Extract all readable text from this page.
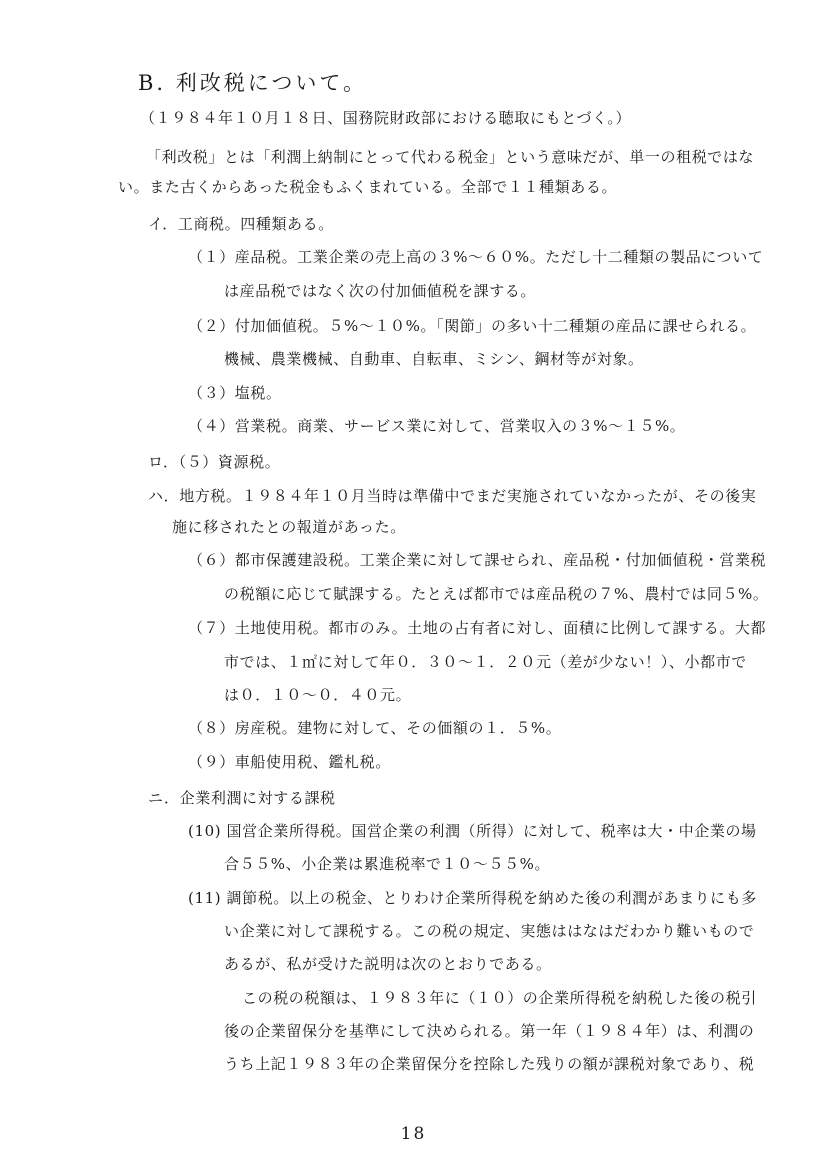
B. 利改税について。
（１９８４年１０月１８日、国務院財政部における聴取にもとづく。）
「利改税」とは「利潤上納制にとって代わる税金」という意味だが、単一の租税ではな
い。また古くからあった税金もふくまれている。全部で１１種類ある。
イ．工商税。四種類ある。
（１）産品税。工業企業の売上高の３%～６０%。ただし十二種類の製品について
は産品税ではなく次の付加価値税を課する。
（２）付加価値税。５%～１０%。「関節」の多い十二種類の産品に課せられる。
機械、農業機械、自動車、自転車、ミシン、鋼材等が対象。
（３）塩税。
（４）営業税。商業、サービス業に対して、営業収入の３%～１５%。
ロ．（５）資源税。
ハ．地方税。１９８４年１０月当時は準備中でまだ実施されていなかったが、その後実
施に移されたとの報道があった。
（６）都市保護建設税。工業企業に対して課せられ、産品税・付加価値税・営業税
の税額に応じて賦課する。たとえば都市では産品税の７%、農村では同５%。
（７）土地使用税。都市のみ。土地の占有者に対し、面積に比例して課する。大都
市では、１㎡に対して年０．３０～１．２０元（差が少ない！）、小都市で
は０．１０～０．４０元。
（８）房産税。建物に対して、その価額の１．５%。
（９）車船使用税、鑑札税。
ニ．企業利潤に対する課税
(10) 国営企業所得税。国営企業の利潤（所得）に対して、税率は大・中企業の場
合５５%、小企業は累進税率で１０～５５%。
(11) 調節税。以上の税金、とりわけ企業所得税を納めた後の利潤があまりにも多
い企業に対して課税する。この税の規定、実態ははなはだわかり難いもので
あるが、私が受けた説明は次のとおりである。
この税の税額は、１９８３年に（１０）の企業所得税を納税した後の税引
後の企業留保分を基準にして決められる。第一年（１９８４年）は、利潤の
うち上記１９８３年の企業留保分を控除した残りの額が課税対象であり、税
18
